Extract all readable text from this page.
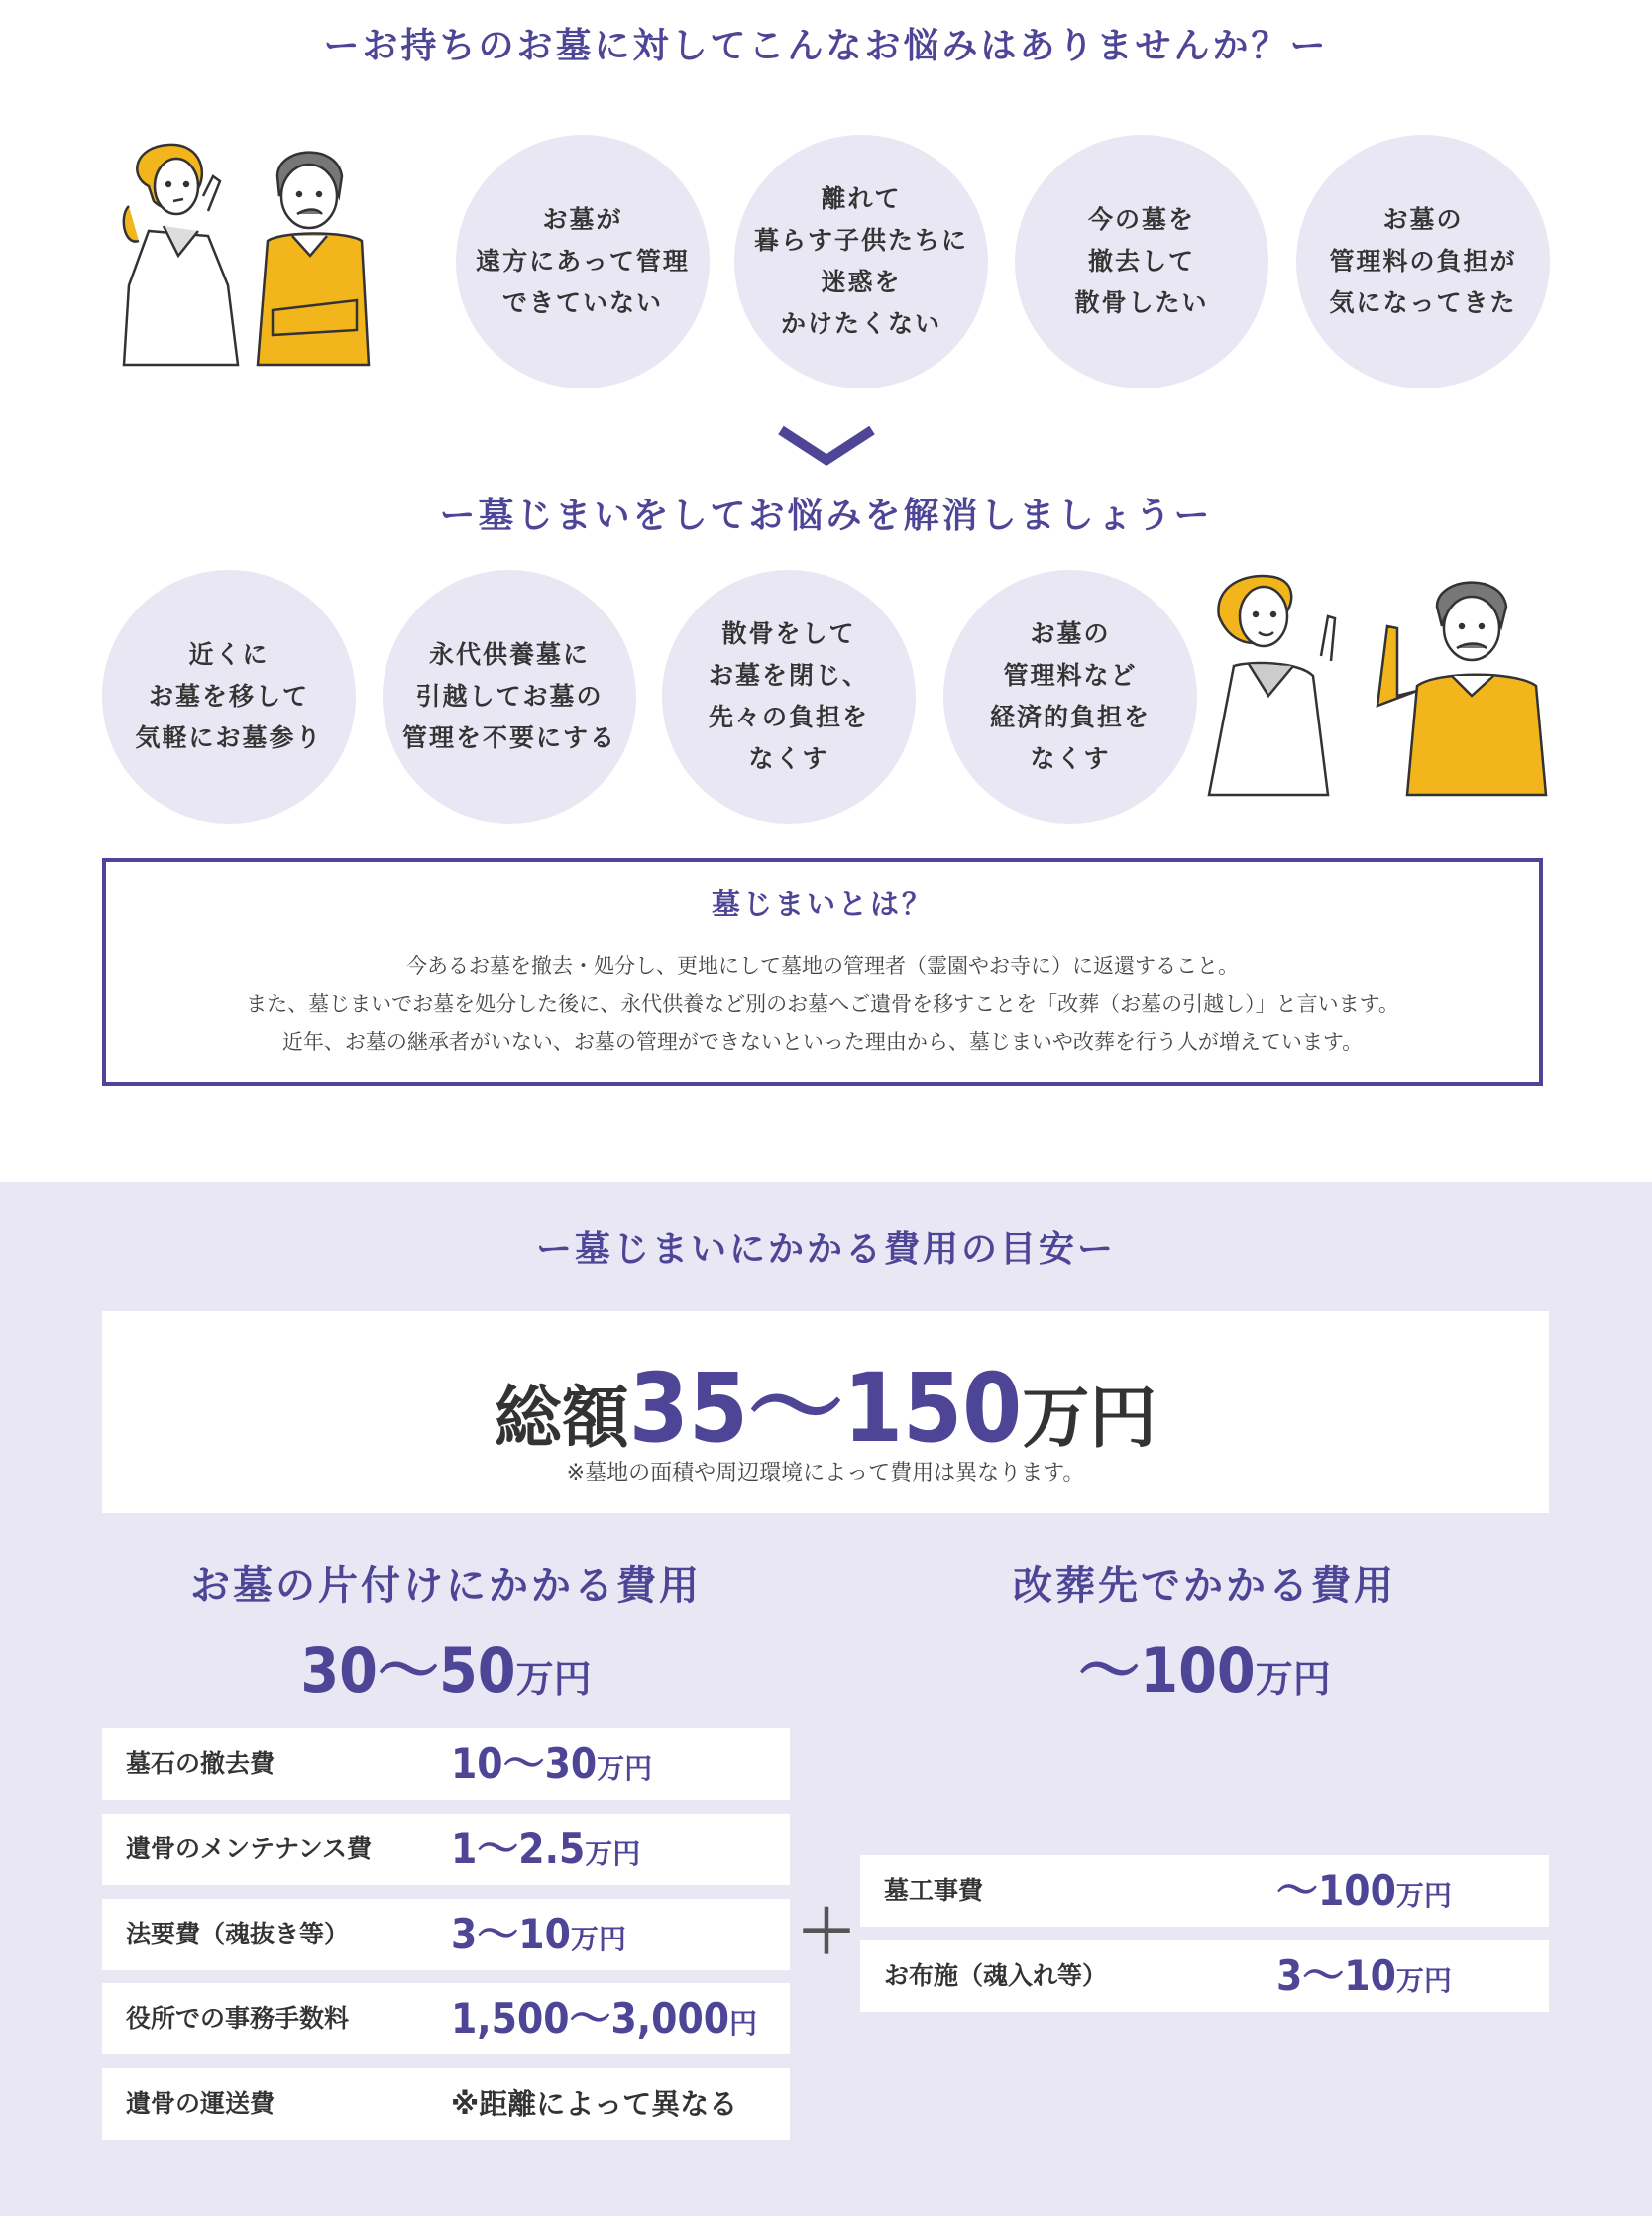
ーお持ちのお墓に対してこんなお悩みはありませんか？ー
お墓が
遠方にあって管理
できていない
離れて
暮らす子供たちに
迷惑を
かけたくない
今の墓を
撤去して
散骨したい
お墓の
管理料の負担が
気になってきた
ー墓じまいをしてお悩みを解消しましょうー
近くに
お墓を移して
気軽にお墓参り
永代供養墓に
引越してお墓の
管理を不要にする
散骨をして
お墓を閉じ、
先々の負担を
なくす
お墓の
管理料など
経済的負担を
なくす
墓じまいとは？
今あるお墓を撤去・処分し、更地にして墓地の管理者（霊園やお寺に）に返還すること。
また、墓じまいでお墓を処分した後に、永代供養など別のお墓へご遺骨を移すことを「改葬（お墓の引越し）」と言います。
近年、お墓の継承者がいない、お墓の管理ができないといった理由から、墓じまいや改葬を行う人が増えています。
ー墓じまいにかかる費用の目安ー
総額35～150万円
※墓地の面積や周辺環境によって費用は異なります。
お墓の片付けにかかる費用
30～50万円
墓石の撤去費	10～30万円
遺骨のメンテナンス費 1～2.5万円
法要費（魂抜き等） 3～10万円
役所での事務手数料 1,500～3,000円
遺骨の運送費	※距離によって異なる
＋
改葬先でかかる費用
～100万円
墓工事費	～100万円
お布施（魂入れ等）	3～10万円
